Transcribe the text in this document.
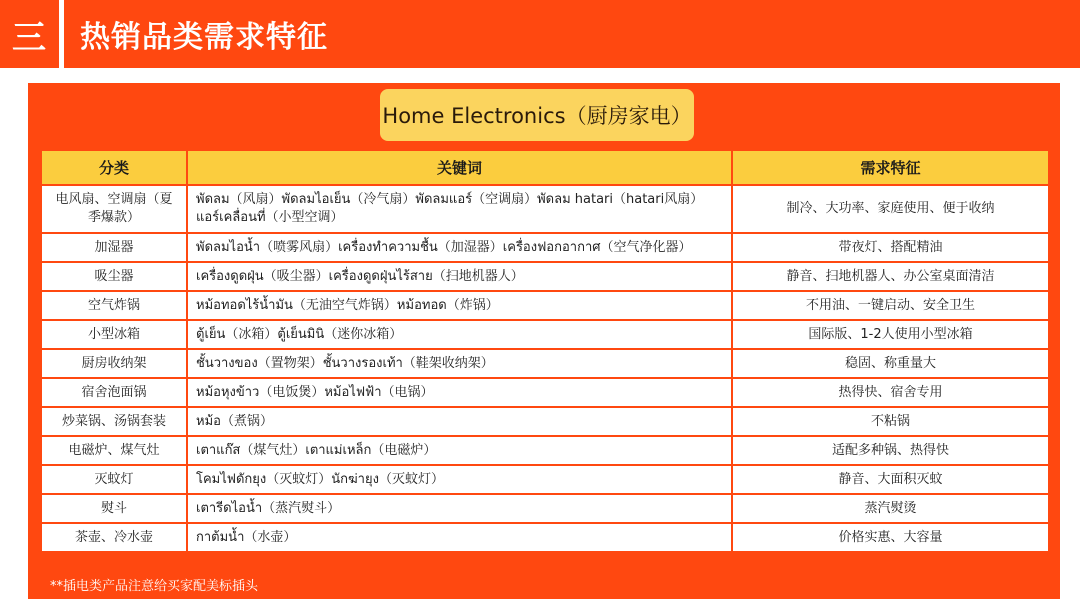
三	热销品类需求特征
Home Electronics（厨房家电）
分类	关键词	需求特征
电风扇、空调扇（夏季爆款）	พัดลม（风扇）พัดลมไอเย็น（冷气扇）พัดลมแอร์（空调扇）พัดลม hatari（hatari风扇）แอร์เคลื่อนที่（小型空调）	制冷、大功率、家庭使用、便于收纳
加湿器	พัดลมไอน้ำ（喷雾风扇）เครื่องทำความชื้น（加湿器）เครื่องฟอกอากาศ（空气净化器）	带夜灯、搭配精油
吸尘器	เครื่องดูดฝุ่น（吸尘器）เครื่องดูดฝุ่นไร้สาย（扫地机器人）	静音、扫地机器人、办公室桌面清洁
空气炸锅	หม้อทอดไร้น้ำมัน（无油空气炸锅）หม้อทอด（炸锅）	不用油、一键启动、安全卫生
小型冰箱	ตู้เย็น（冰箱）ตู้เย็นมินิ（迷你冰箱）	国际版、1-2人使用小型冰箱
厨房收纳架	ชั้นวางของ（置物架）ชั้นวางรองเท้า（鞋架收纳架）	稳固、称重量大
宿舍泡面锅	หม้อหุงข้าว（电饭煲）หม้อไฟฟ้า（电锅）	热得快、宿舍专用
炒菜锅、汤锅套装	หม้อ（煮锅）	不粘锅
电磁炉、煤气灶	เตาแก๊ส（煤气灶）เตาแม่เหล็ก（电磁炉）	适配多种锅、热得快
灭蚊灯	โคมไฟดักยุง（灭蚊灯）นักฆ่ายุง（灭蚊灯）	静音、大面积灭蚊
熨斗	เตารีดไอน้ำ（蒸汽熨斗）	蒸汽熨烫
茶壶、冷水壶	กาต้มน้ำ（水壶）	价格实惠、大容量
**插电类产品注意给买家配美标插头
